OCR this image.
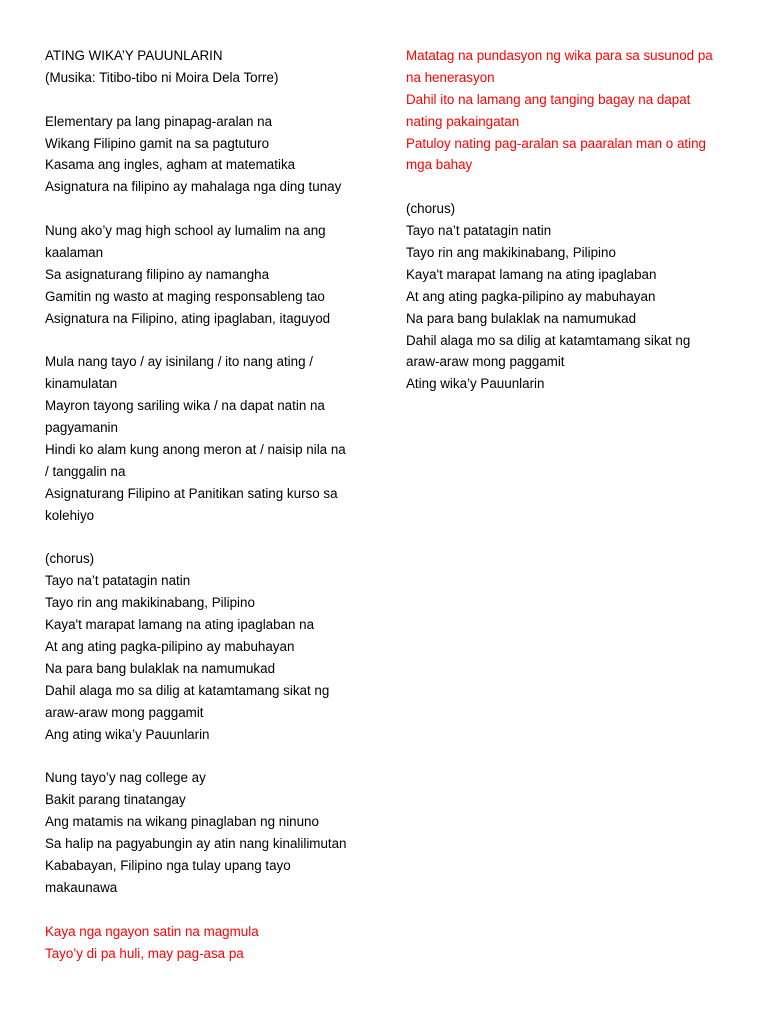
ATING WIKA’Y PAUUNLARIN
(Musika: Titibo-tibo ni Moira Dela Torre)
Elementary pa lang pinapag-aralan na
Wikang Filipino gamit na sa pagtuturo
Kasama ang ingles, agham at matematika
Asignatura na filipino ay mahalaga nga ding tunay
Nung ako’y mag high school ay lumalim na ang
kaalaman
Sa asignaturang filipino ay namangha
Gamitin ng wasto at maging responsableng tao
Asignatura na Filipino, ating ipaglaban, itaguyod
Mula nang tayo / ay isinilang / ito nang ating /
kinamulatan
Mayron tayong sariling wika / na dapat natin na
pagyamanin
Hindi ko alam kung anong meron at / naisip nila na
/ tanggalin na
Asignaturang Filipino at Panitikan sating kurso sa
kolehiyo
(chorus)
Tayo na’t patatagin natin
Tayo rin ang makikinabang, Pilipino
Kaya't marapat lamang na ating ipaglaban na
At ang ating pagka-pilipino ay mabuhayan
Na para bang bulaklak na namumukad
Dahil alaga mo sa dilig at katamtamang sikat ng
araw-araw mong paggamit
Ang ating wika’y Pauunlarin
Nung tayo’y nag college ay
Bakit parang tinatangay
Ang matamis na wikang pinaglaban ng ninuno
Sa halip na pagyabungin ay atin nang kinalilimutan
Kababayan, Filipino nga tulay upang tayo
makaunawa
Kaya nga ngayon satin na magmula
Tayo’y di pa huli, may pag-asa pa
Matatag na pundasyon ng wika para sa susunod pa
na henerasyon
Dahil ito na lamang ang tanging bagay na dapat
nating pakaingatan
Patuloy nating pag-aralan sa paaralan man o ating
mga bahay
(chorus)
Tayo na’t patatagin natin
Tayo rin ang makikinabang, Pilipino
Kaya't marapat lamang na ating ipaglaban
At ang ating pagka-pilipino ay mabuhayan
Na para bang bulaklak na namumukad
Dahil alaga mo sa dilig at katamtamang sikat ng
araw-araw mong paggamit
Ating wika’y Pauunlarin
